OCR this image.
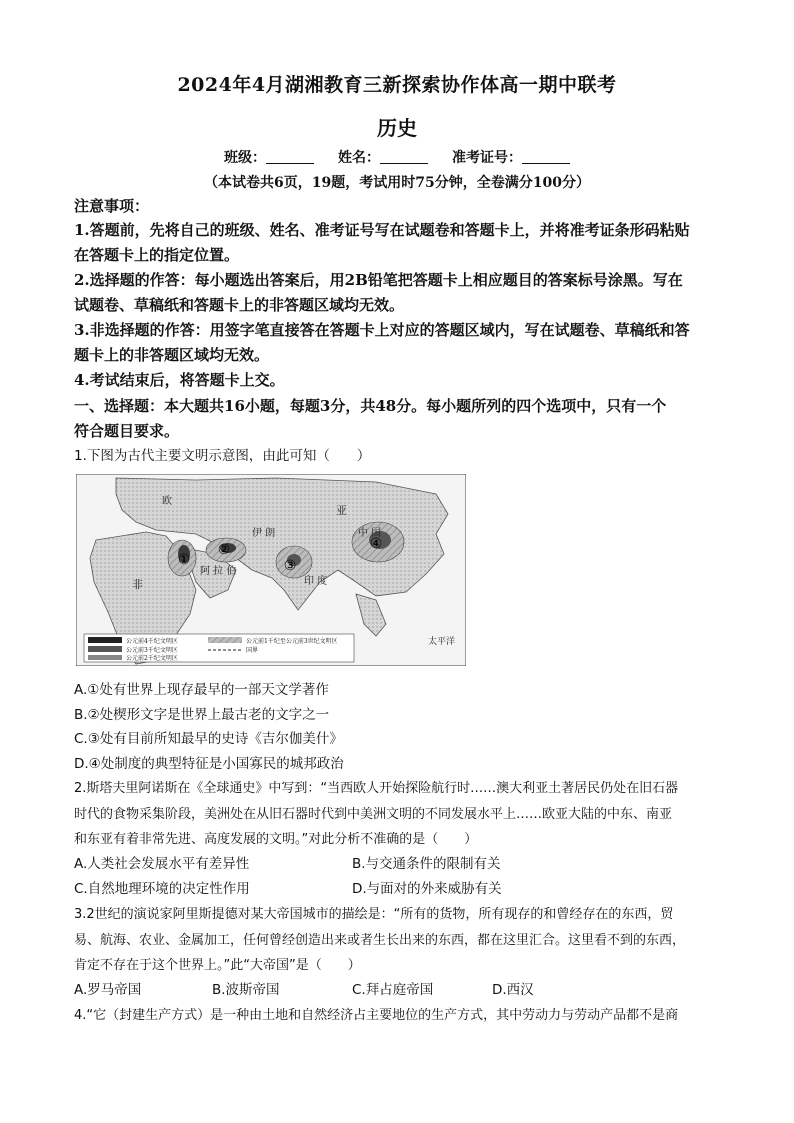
2024年4月湖湘教育三新探索协作体高一期中联考
历史
班级：	姓名：	准考证号：
（本试卷共6页，19题，考试用时75分钟，全卷满分100分）
注意事项：
1.答题前，先将自己的班级、姓名、准考证号写在试题卷和答题卡上，并将准考证条形码粘贴
在答题卡上的指定位置。
2.选择题的作答：每小题选出答案后，用2B铅笔把答题卡上相应题目的答案标号涂黑。写在
试题卷、草稿纸和答题卡上的非答题区域均无效。
3.非选择题的作答：用签字笔直接答在答题卡上对应的答题区域内，写在试题卷、草稿纸和答
题卡上的非答题区域均无效。
4.考试结束后，将答题卡上交。
一、选择题：本大题共16小题，每题3分，共48分。每小题所列的四个选项中，只有一个
符合题目要求。
1.下图为古代主要文明示意图，由此可知（　　）
①
②
③
④
欧
伊 朗
印 度
中 国
阿 拉 伯
非
亚
太平洋
公元前4千纪文明区
公元前3千纪文明区
公元前2千纪文明区
公元前1千纪至公元前3世纪文明区
国界
A.①处有世界上现存最早的一部天文学著作
B.②处楔形文字是世界上最古老的文字之一
C.③处有目前所知最早的史诗《吉尔伽美什》
D.④处制度的典型特征是小国寡民的城邦政治
2.斯塔夫里阿诺斯在《全球通史》中写到：“当西欧人开始探险航行时……澳大利亚土著居民仍处在旧石器
时代的食物采集阶段，美洲处在从旧石器时代到中美洲文明的不同发展水平上……欧亚大陆的中东、南亚
和东亚有着非常先进、高度发展的文明。”对此分析不准确的是（　　）
A.人类社会发展水平有差异性	B.与交通条件的限制有关
C.自然地理环境的决定性作用	D.与面对的外来威胁有关
3.2世纪的演说家阿里斯提德对某大帝国城市的描绘是：“所有的货物，所有现存的和曾经存在的东西，贸
易、航海、农业、金属加工，任何曾经创造出来或者生长出来的东西，都在这里汇合。这里看不到的东西，
肯定不存在于这个世界上。”此“大帝国”是（　　）
A.罗马帝国	B.波斯帝国	C.拜占庭帝国	D.西汉
4.“它（封建生产方式）是一种由土地和自然经济占主要地位的生产方式，其中劳动力与劳动产品都不是商
